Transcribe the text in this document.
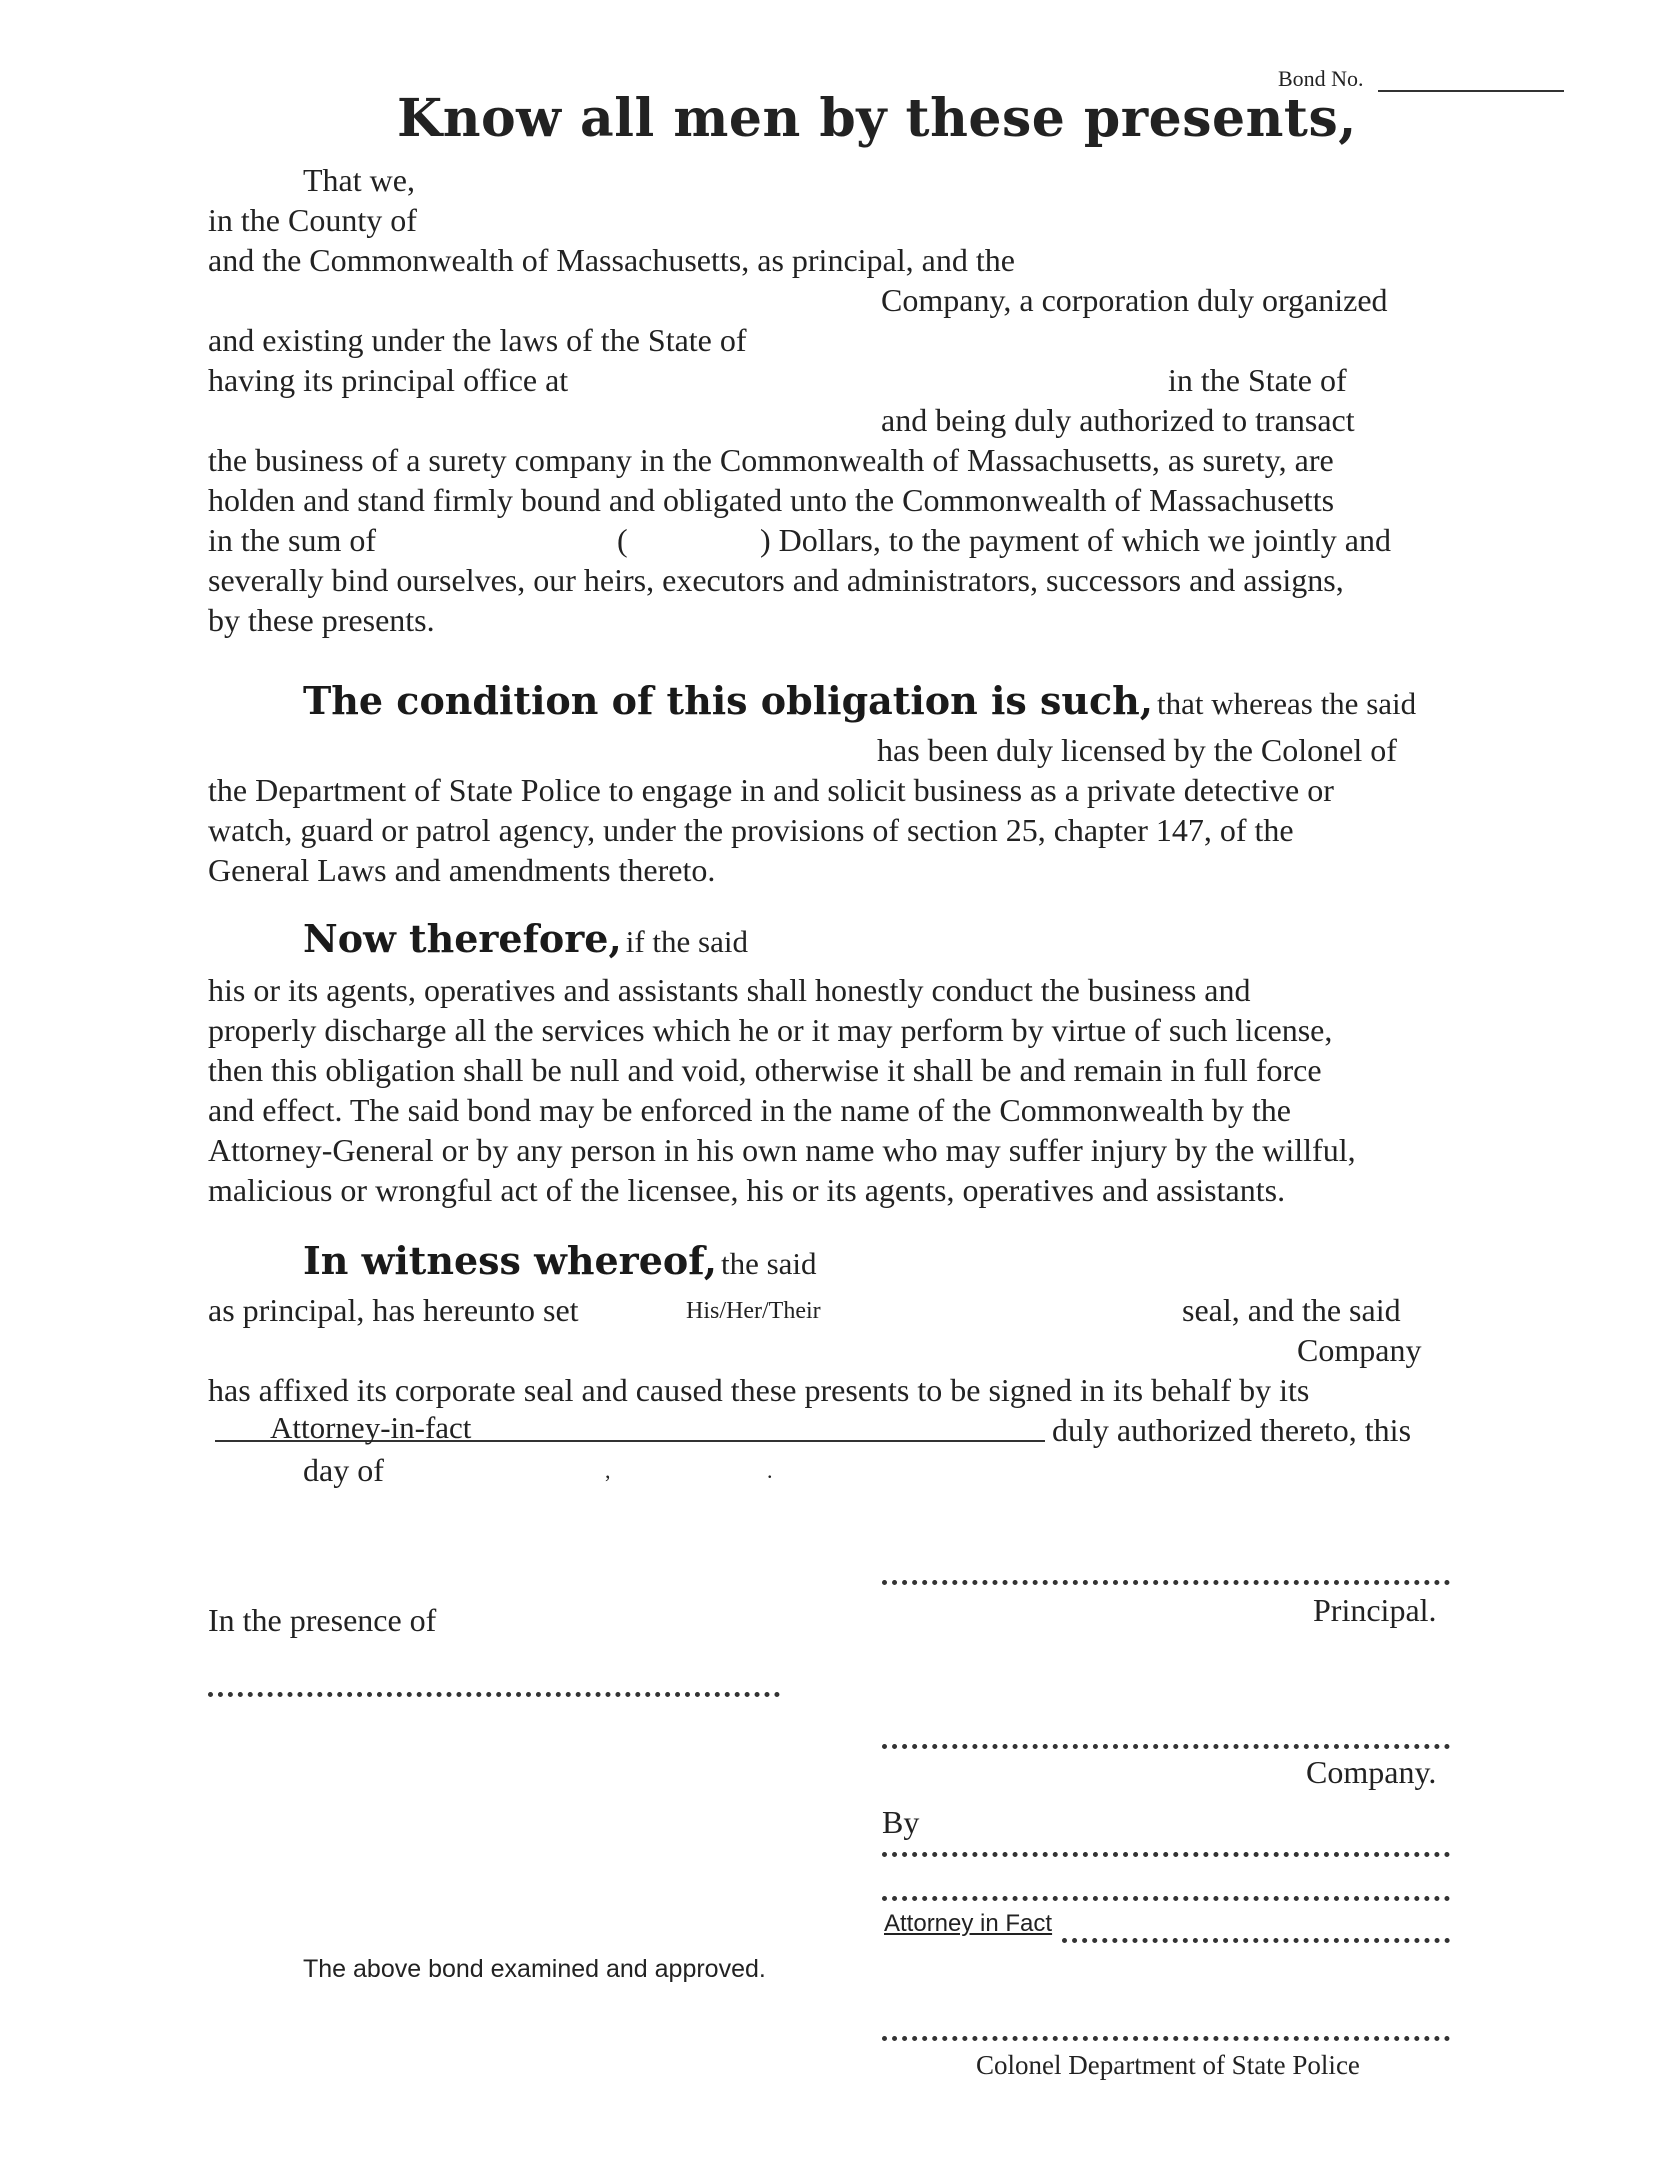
Bond No.
Know all men by these presents,
That we,
in the County of
and the Commonwealth of Massachusetts, as principal, and the
Company, a corporation duly organized
and existing under the laws of the State of
having its principal office at	in the State of
and being duly authorized to transact
the business of a surety company in the Commonwealth of Massachusetts, as surety, are
holden and stand firmly bound and obligated unto the Commonwealth of Massachusetts
in the sum of	(	) Dollars, to the payment of which we jointly and
severally bind ourselves, our heirs, executors and administrators, successors and assigns,
by these presents.
The condition of this obligation is such, that whereas the said
has been duly licensed by the Colonel of
the Department of State Police to engage in and solicit business as a private detective or
watch, guard or patrol agency, under the provisions of section 25, chapter 147, of the
General Laws and amendments thereto.
Now therefore, if the said
his or its agents, operatives and assistants shall honestly conduct the business and
properly discharge all the services which he or it may perform by virtue of such license,
then this obligation shall be null and void, otherwise it shall be and remain in full force
and effect. The said bond may be enforced in the name of the Commonwealth by the
Attorney-General or by any person in his own name who may suffer injury by the willful,
malicious or wrongful act of the licensee, his or its agents, operatives and assistants.
In witness whereof, the said
as principal, has hereunto set	His/Her/Their	seal, and the said
Company
has affixed its corporate seal and caused these presents to be signed in its behalf by its
Attorney-in-fact	duly authorized thereto, this
day of	,	.
Principal.
In the presence of
Company.
By
Attorney in Fact
The above bond examined and approved.
Colonel Department of State Police
